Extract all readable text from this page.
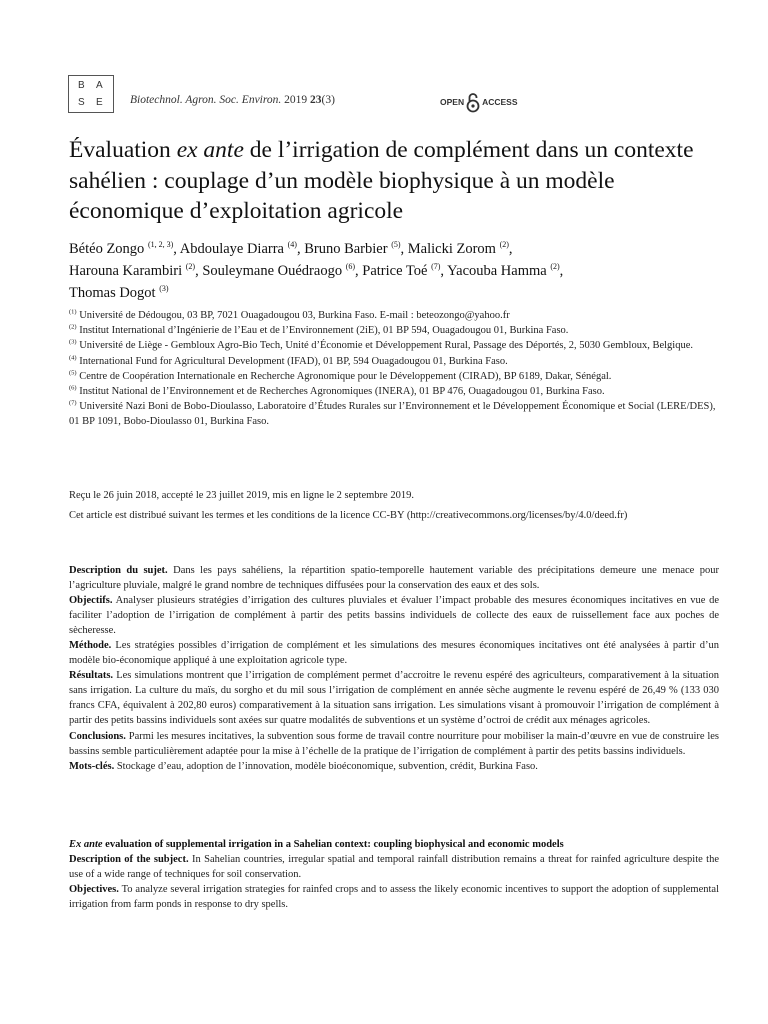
B A
S E Biotechnol. Agron. Soc. Environ. 2019 23(3)	OPEN ACCESS
Évaluation ex ante de l’irrigation de complément dans un contexte sahélien : couplage d’un modèle biophysique à un modèle économique d’exploitation agricole
Bétéo Zongo $^{(1, 2, 3)}$, Abdoulaye Diarra $^{(4)}$, Bruno Barbier $^{(5)}$, Malicki Zorom $^{(2)}$,
Harouna Karambiri $^{(2)}$, Souleymane Ouédraogo $^{(6)}$, Patrice Toé $^{(7)}$, Yacouba Hamma $^{(2)}$,
Thomas Dogot $^{(3)}$
$^{(1)}$ Université de Dédougou, 03 BP, 7021 Ouagadougou 03, Burkina Faso. E-mail : beteozongo@yahoo.fr
$^{(2)}$ Institut International d’Ingénierie de l’Eau et de l’Environnement (2iE), 01 BP 594, Ouagadougou 01, Burkina Faso.
$^{(3)}$ Université de Liège - Gembloux Agro-Bio Tech, Unité d’Économie et Développement Rural, Passage des Déportés, 2, 5030 Gembloux, Belgique.
$^{(4)}$ International Fund for Agricultural Development (IFAD), 01 BP, 594 Ouagadougou 01, Burkina Faso.
$^{(5)}$ Centre de Coopération Internationale en Recherche Agronomique pour le Développement (CIRAD), BP 6189, Dakar, Sénégal.
$^{(6)}$ Institut National de l’Environnement et de Recherches Agronomiques (INERA), 01 BP 476, Ouagadougou 01, Burkina Faso.
$^{(7)}$ Université Nazi Boni de Bobo-Dioulasso, Laboratoire d’Études Rurales sur l’Environnement et le Développement Économique et Social (LERE/DES), 01 BP 1091, Bobo-Dioulasso 01, Burkina Faso.
Reçu le 26 juin 2018, accepté le 23 juillet 2019, mis en ligne le 2 septembre 2019.
Cet article est distribué suivant les termes et les conditions de la licence CC-BY (http://creativecommons.org/licenses/by/4.0/deed.fr)

Description du sujet. Dans les pays sahéliens, la répartition spatio-temporelle hautement variable des précipitations demeure une menace pour l’agriculture pluviale, malgré le grand nombre de techniques diffusées pour la conservation des eaux et des sols.

Objectifs. Analyser plusieurs stratégies d’irrigation des cultures pluviales et évaluer l’impact probable des mesures économiques incitatives en vue de faciliter l’adoption de l’irrigation de complément à partir des petits bassins individuels de collecte des eaux de ruissellement face aux poches de sècheresse.

Méthode. Les stratégies possibles d’irrigation de complément et les simulations des mesures économiques incitatives ont été analysées à partir d’un modèle bio-économique appliqué à une exploitation agricole type.

Résultats. Les simulations montrent que l’irrigation de complément permet d’accroitre le revenu espéré des agriculteurs, comparativement à la situation sans irrigation. La culture du maïs, du sorgho et du mil sous l’irrigation de complément en année sèche augmente le revenu espéré de 26,49 % (133 030 francs CFA, équivalent à 202,80 euros) comparativement à la situation sans irrigation. Les simulations visant à promouvoir l’irrigation de complément à partir des petits bassins individuels sont axées sur quatre modalités de subventions et un système d’octroi de crédit aux ménages agricoles.

Conclusions. Parmi les mesures incitatives, la subvention sous forme de travail contre nourriture pour mobiliser la main-d’œuvre en vue de construire les bassins semble particulièrement adaptée pour la mise à l’échelle de la pratique de l’irrigation de complément à partir des petits bassins individuels.

Mots-clés. Stockage d’eau, adoption de l’innovation, modèle bioéconomique, subvention, crédit, Burkina Faso.

Ex ante evaluation of supplemental irrigation in a Sahelian context: coupling biophysical and economic models

Description of the subject. In Sahelian countries, irregular spatial and temporal rainfall distribution remains a threat for rainfed agriculture despite the use of a wide range of techniques for soil conservation.

Objectives. To analyze several irrigation strategies for rainfed crops and to assess the likely economic incentives to support the adoption of supplemental irrigation from farm ponds in response to dry spells.
